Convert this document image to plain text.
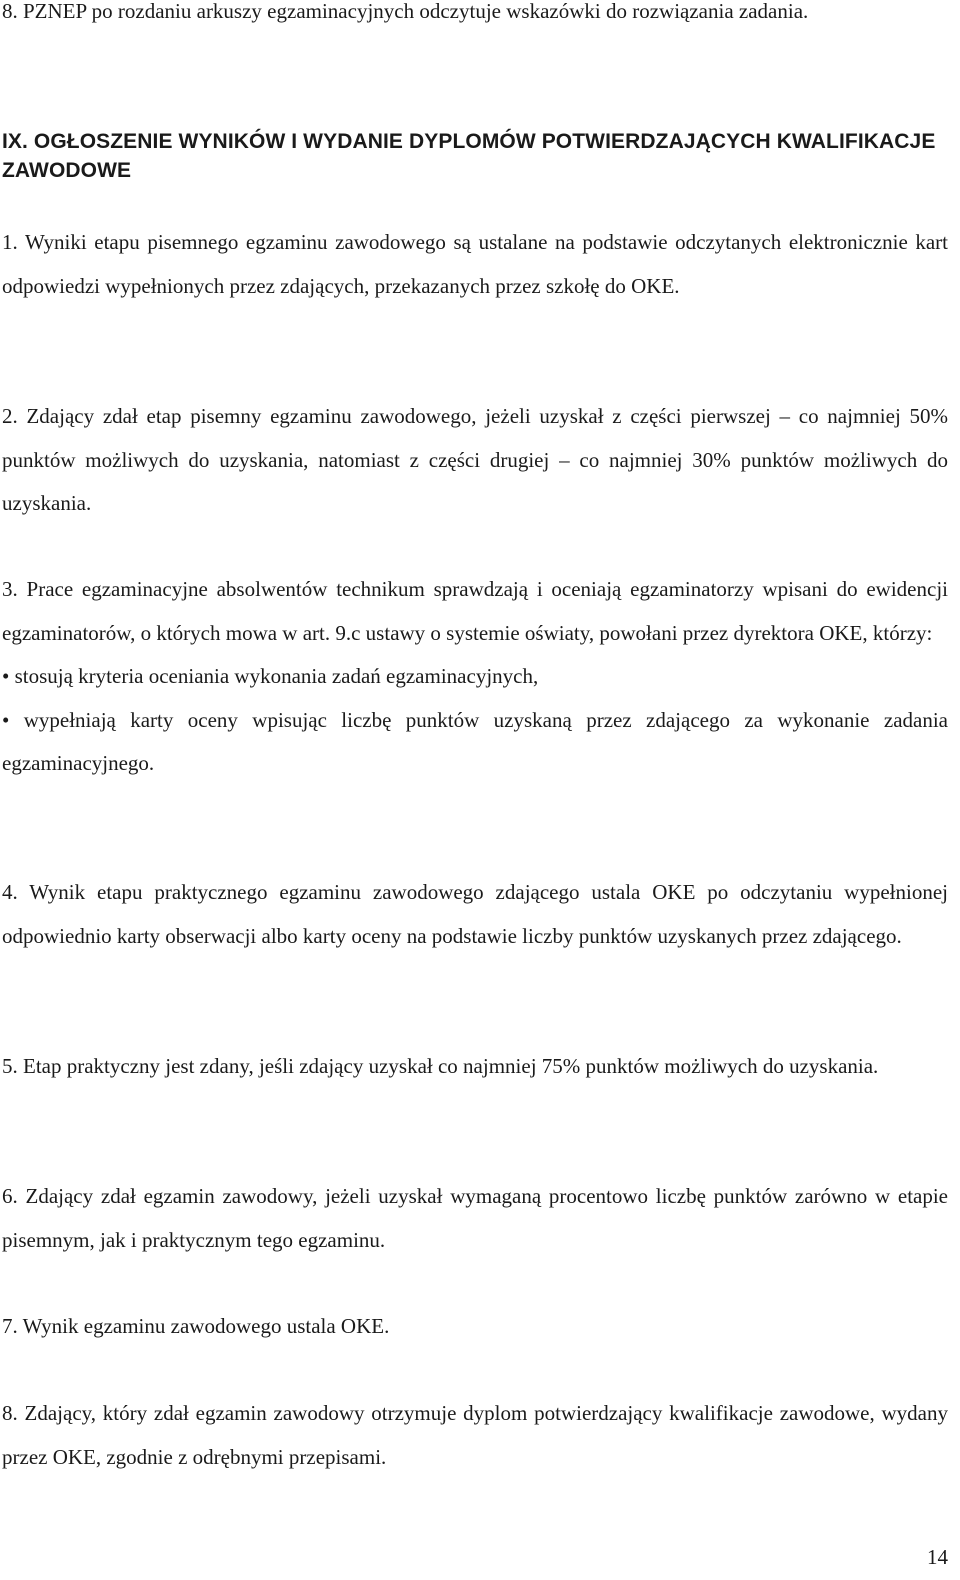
8. PZNEP po rozdaniu arkuszy egzaminacyjnych odczytuje wskazówki do rozwiązania zadania.

IX. OGŁOSZENIE WYNIKÓW I WYDANIE DYPLOMÓW POTWIERDZAJĄCYCH KWALIFIKACJE ZAWODOWE

1. Wyniki etapu pisemnego egzaminu zawodowego są ustalane na podstawie odczytanych elektronicznie kart odpowiedzi wypełnionych przez zdających, przekazanych przez szkołę do OKE.

2. Zdający zdał etap pisemny egzaminu zawodowego, jeżeli uzyskał z części pierwszej – co najmniej 50% punktów możliwych do uzyskania, natomiast z części drugiej – co najmniej 30% punktów możliwych do uzyskania.

3. Prace egzaminacyjne absolwentów technikum sprawdzają i oceniają egzaminatorzy wpisani do ewidencji egzaminatorów, o których mowa w art. 9.c ustawy o systemie oświaty, powołani przez dyrektora OKE, którzy:
• stosują kryteria oceniania wykonania zadań egzaminacyjnych,
• wypełniają karty oceny wpisując liczbę punktów uzyskaną przez zdającego za wykonanie zadania egzaminacyjnego.

4. Wynik etapu praktycznego egzaminu zawodowego zdającego ustala OKE po odczytaniu wypełnionej odpowiednio karty obserwacji albo karty oceny na podstawie liczby punktów uzyskanych przez zdającego.

5. Etap praktyczny jest zdany, jeśli zdający uzyskał co najmniej 75% punktów możliwych do uzyskania.

6. Zdający zdał egzamin zawodowy, jeżeli uzyskał wymaganą procentowo liczbę punktów zarówno w etapie pisemnym, jak i praktycznym tego egzaminu.

7. Wynik egzaminu zawodowego ustala OKE.

8. Zdający, który zdał egzamin zawodowy otrzymuje dyplom potwierdzający kwalifikacje zawodowe, wydany przez OKE, zgodnie z odrębnymi przepisami.

14
